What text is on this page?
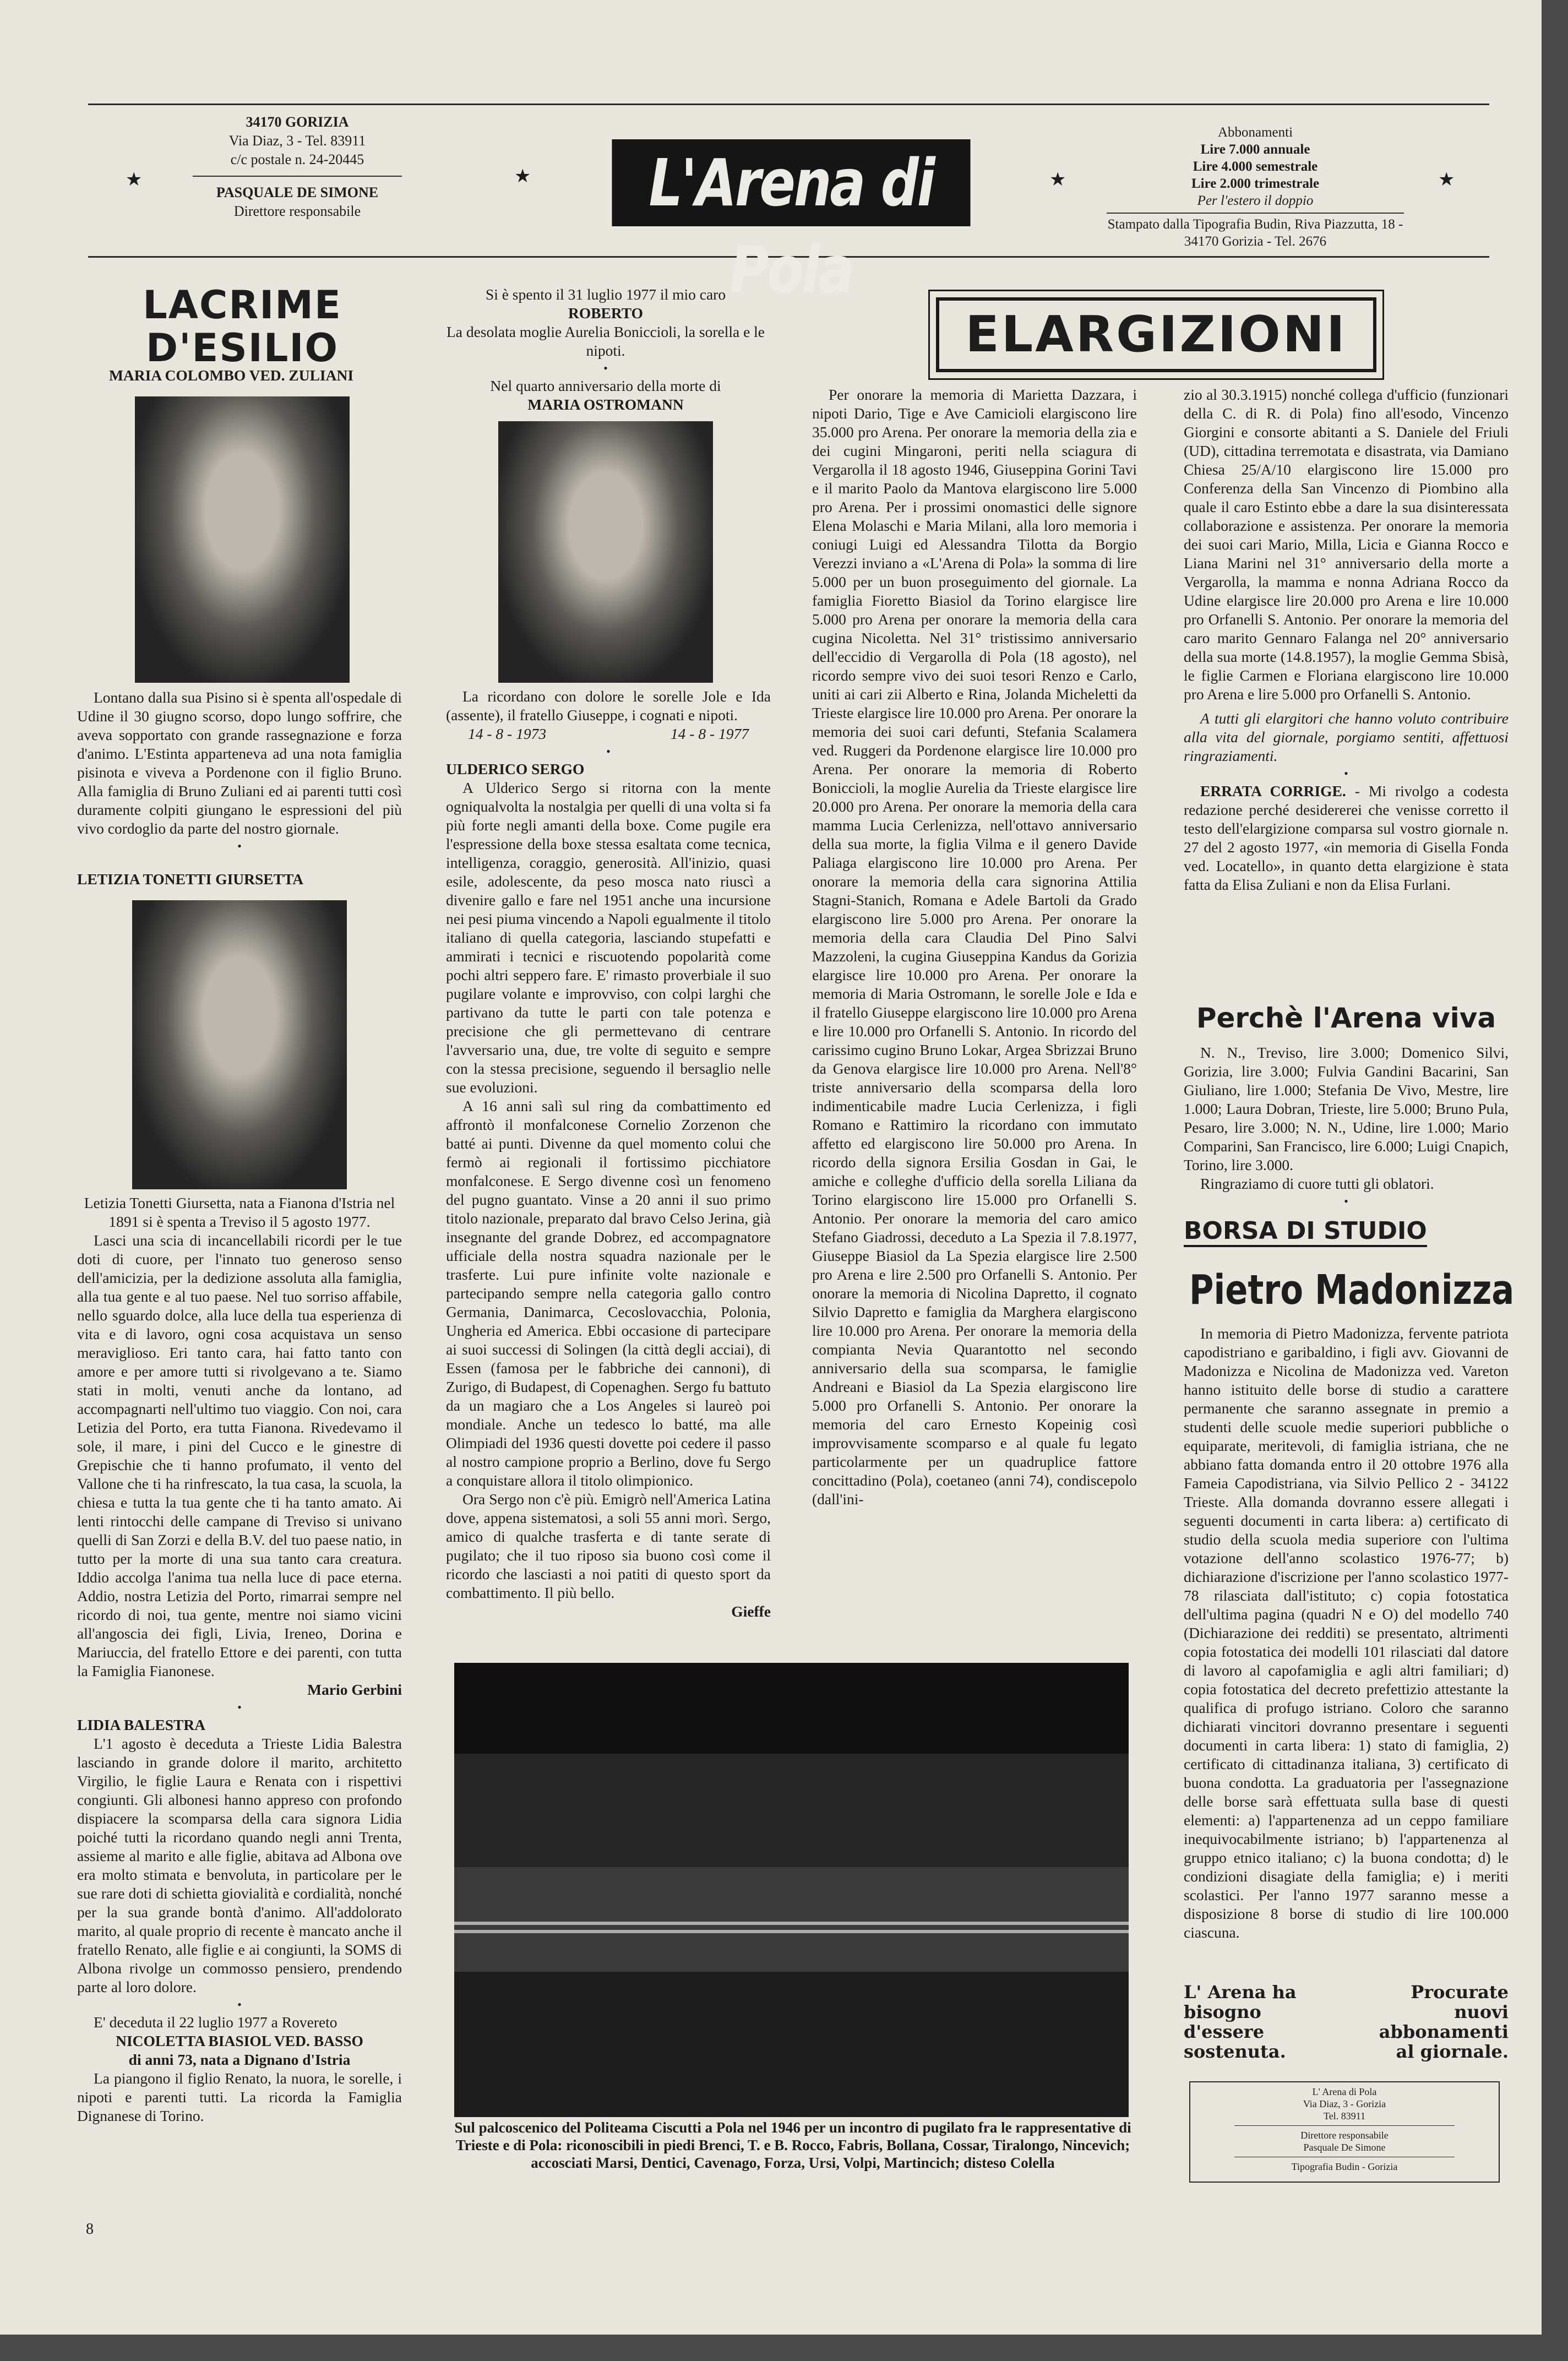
34170 GORIZIA
Via Diaz, 3 - Tel. 83911
c/c postale n. 24-20445
PASQUALE DE SIMONE
Direttore responsabile
★	★	★	★
L'Arena di Pola
Abbonamenti
Lire 7.000 annuale
Lire 4.000 semestrale
Lire 2.000 trimestrale
Per l'estero il doppio
Stampato dalla Tipografia Budin, Riva Piazzutta, 18 - 34170 Gorizia - Tel. 2676
LACRIME
D'ESILIO
MARIA COLOMBO VED. ZULIANI

Lontano dalla sua Pisino si è spenta all'ospedale di Udine il 30 giugno scorso, dopo lungo soffrire, che aveva sopportato con grande rassegnazione e forza d'animo. L'Estinta apparteneva ad una nota famiglia pisinota e viveva a Pordenone con il figlio Bruno. Alla famiglia di Bruno Zuliani ed ai parenti tutti così duramente colpiti giungano le espressioni del più vivo cordoglio da parte del nostro giornale.

•
LETIZIA TONETTI GIURSETTA

Letizia Tonetti Giursetta, nata a Fianona d'Istria nel 1891 si è spenta a Treviso il 5 agosto 1977.

Lasci una scia di incancellabili ricordi per le tue doti di cuore, per l'innato tuo generoso senso dell'amicizia, per la dedizione assoluta alla famiglia, alla tua gente e al tuo paese. Nel tuo sorriso affabile, nello sguardo dolce, alla luce della tua esperienza di vita e di lavoro, ogni cosa acquistava un senso meraviglioso. Eri tanto cara, hai fatto tanto con amore e per amore tutti si rivolgevano a te. Siamo stati in molti, venuti anche da lontano, ad accompagnarti nell'ultimo tuo viaggio. Con noi, cara Letizia del Porto, era tutta Fianona. Rivedevamo il sole, il mare, i pini del Cucco e le ginestre di Grepischie che ti hanno profumato, il vento del Vallone che ti ha rinfrescato, la tua casa, la scuola, la chiesa e tutta la tua gente che ti ha tanto amato. Ai lenti rintocchi delle campane di Treviso si univano quelli di San Zorzi e della B.V. del tuo paese natio, in tutto per la morte di una sua tanto cara creatura. Iddio accolga l'anima tua nella luce di pace eterna. Addio, nostra Letizia del Porto, rimarrai sempre nel ricordo di noi, tua gente, mentre noi siamo vicini all'angoscia dei figli, Livia, Ireneo, Dorina e Mariuccia, del fratello Ettore e dei parenti, con tutta la Famiglia Fianonese.

Mario Gerbini

•

LIDIA BALESTRA

L'1 agosto è deceduta a Trieste Lidia Balestra lasciando in grande dolore il marito, architetto Virgilio, le figlie Laura e Renata con i rispettivi congiunti. Gli albonesi hanno appreso con profondo dispiacere la scomparsa della cara signora Lidia poiché tutti la ricordano quando negli anni Trenta, assieme al marito e alle figlie, abitava ad Albona ove era molto stimata e benvoluta, in particolare per le sue rare doti di schietta giovialità e cordialità, nonché per la sua grande bontà d'animo. All'addolorato marito, al quale proprio di recente è mancato anche il fratello Renato, alle figlie e ai congiunti, la SOMS di Albona rivolge un commosso pensiero, prendendo parte al loro dolore.

•

E' deceduta il 22 luglio 1977 a Rovereto

NICOLETTA BIASIOL VED. BASSO

di anni 73, nata a Dignano d'Istria

La piangono il figlio Renato, la nuora, le sorelle, i nipoti e parenti tutti. La ricorda la Famiglia Dignanese di Torino.

8
Si è spento il 31 luglio 1977 il mio caro
ROBERTO
La desolata moglie Aurelia Boniccioli, la sorella e le nipoti.
•
Nel quarto anniversario della morte di
MARIA OSTROMANN

La ricordano con dolore le sorelle Jole e Ida (assente), il fratello Giuseppe, i cognati e nipoti.

14 - 8 - 1973	14 - 8 - 1977
•

ULDERICO SERGO

A Ulderico Sergo si ritorna con la mente ogniqualvolta la nostalgia per quelli di una volta si fa più forte negli amanti della boxe. Come pugile era l'espressione della boxe stessa esaltata come tecnica, intelligenza, coraggio, generosità. All'inizio, quasi esile, adolescente, da peso mosca nato riuscì a divenire gallo e fare nel 1951 anche una incursione nei pesi piuma vincendo a Napoli egualmente il titolo italiano di quella categoria, lasciando stupefatti e ammirati i tecnici e riscuotendo popolarità come pochi altri seppero fare. E' rimasto proverbiale il suo pugilare volante e improvviso, con colpi larghi che partivano da tutte le parti con tale potenza e precisione che gli permettevano di centrare l'avversario una, due, tre volte di seguito e sempre con la stessa precisione, seguendo il bersaglio nelle sue evoluzioni.

A 16 anni salì sul ring da combattimento ed affrontò il monfalconese Cornelio Zorzenon che batté ai punti. Divenne da quel momento colui che fermò ai regionali il fortissimo picchiatore monfalconese. E Sergo divenne così un fenomeno del pugno guantato. Vinse a 20 anni il suo primo titolo nazionale, preparato dal bravo Celso Jerina, già insegnante del grande Dobrez, ed accompagnatore ufficiale della nostra squadra nazionale per le trasferte. Lui pure infinite volte nazionale e partecipando sempre nella categoria gallo contro Germania, Danimarca, Cecoslovacchia, Polonia, Ungheria ed America. Ebbi occasione di partecipare ai suoi successi di Solingen (la città degli acciai), di Essen (famosa per le fabbriche dei cannoni), di Zurigo, di Budapest, di Copenaghen. Sergo fu battuto da un magiaro che a Los Angeles si laureò poi mondiale. Anche un tedesco lo batté, ma alle Olimpiadi del 1936 questi dovette poi cedere il passo al nostro campione proprio a Berlino, dove fu Sergo a conquistare allora il titolo olimpionico.

Ora Sergo non c'è più. Emigrò nell'America Latina dove, appena sistematosi, a soli 55 anni morì. Sergo, amico di qualche trasferta e di tante serate di pugilato; che il tuo riposo sia buono così come il ricordo che lasciasti a noi patiti di questo sport da combattimento. Il più bello.

Gieffe

ELARGIZIONI

Per onorare la memoria di Marietta Dazzara, i nipoti Dario, Tige e Ave Camicioli elargiscono lire 35.000 pro Arena. Per onorare la memoria della zia e dei cugini Mingaroni, periti nella sciagura di Vergarolla il 18 agosto 1946, Giuseppina Gorini Tavi e il marito Paolo da Mantova elargiscono lire 5.000 pro Arena. Per i prossimi onomastici delle signore Elena Molaschi e Maria Milani, alla loro memoria i coniugi Luigi ed Alessandra Tilotta da Borgio Verezzi inviano a «L'Arena di Pola» la somma di lire 5.000 per un buon proseguimento del giornale. La famiglia Fioretto Biasiol da Torino elargisce lire 5.000 pro Arena per onorare la memoria della cara cugina Nicoletta. Nel 31° tristissimo anniversario dell'eccidio di Vergarolla di Pola (18 agosto), nel ricordo sempre vivo dei suoi tesori Renzo e Carlo, uniti ai cari zii Alberto e Rina, Jolanda Micheletti da Trieste elargisce lire 10.000 pro Arena. Per onorare la memoria dei suoi cari defunti, Stefania Scalamera ved. Ruggeri da Pordenone elargisce lire 10.000 pro Arena. Per onorare la memoria di Roberto Boniccioli, la moglie Aurelia da Trieste elargisce lire 20.000 pro Arena. Per onorare la memoria della cara mamma Lucia Cerlenizza, nell'ottavo anniversario della sua morte, la figlia Vilma e il genero Davide Paliaga elargiscono lire 10.000 pro Arena. Per onorare la memoria della cara signorina Attilia Stagni-Stanich, Romana e Adele Bartoli da Grado elargiscono lire 5.000 pro Arena. Per onorare la memoria della cara Claudia Del Pino Salvi Mazzoleni, la cugina Giuseppina Kandus da Gorizia elargisce lire 10.000 pro Arena. Per onorare la memoria di Maria Ostromann, le sorelle Jole e Ida e il fratello Giuseppe elargiscono lire 10.000 pro Arena e lire 10.000 pro Orfanelli S. Antonio. In ricordo del carissimo cugino Bruno Lokar, Argea Sbrizzai Bruno da Genova elargisce lire 10.000 pro Arena. Nell'8° triste anniversario della scomparsa della loro indimenticabile madre Lucia Cerlenizza, i figli Romano e Rattimiro la ricordano con immutato affetto ed elargiscono lire 50.000 pro Arena. In ricordo della signora Ersilia Gosdan in Gai, le amiche e colleghe d'ufficio della sorella Liliana da Torino elargiscono lire 15.000 pro Orfanelli S. Antonio. Per onorare la memoria del caro amico Stefano Giadrossi, deceduto a La Spezia il 7.8.1977, Giuseppe Biasiol da La Spezia elargisce lire 2.500 pro Arena e lire 2.500 pro Orfanelli S. Antonio. Per onorare la memoria di Nicolina Dapretto, il cognato Silvio Dapretto e famiglia da Marghera elargiscono lire 10.000 pro Arena. Per onorare la memoria della compianta Nevia Quarantotto nel secondo anniversario della sua scomparsa, le famiglie Andreani e Biasiol da La Spezia elargiscono lire 5.000 pro Orfanelli S. Antonio. Per onorare la memoria del caro Ernesto Kopeinig così improvvisamente scomparso e al quale fu legato particolarmente per un quadruplice fattore concittadino (Pola), coetaneo (anni 74), condiscepolo (dall'ini-

zio al 30.3.1915) nonché collega d'ufficio (funzionari della C. di R. di Pola) fino all'esodo, Vincenzo Giorgini e consorte abitanti a S. Daniele del Friuli (UD), cittadina terremotata e disastrata, via Damiano Chiesa 25/A/10 elargiscono lire 15.000 pro Conferenza della San Vincenzo di Piombino alla quale il caro Estinto ebbe a dare la sua disinteressata collaborazione e assistenza. Per onorare la memoria dei suoi cari Mario, Milla, Licia e Gianna Rocco e Liana Marini nel 31° anniversario della morte a Vergarolla, la mamma e nonna Adriana Rocco da Udine elargisce lire 20.000 pro Arena e lire 10.000 pro Orfanelli S. Antonio. Per onorare la memoria del caro marito Gennaro Falanga nel 20° anniversario della sua morte (14.8.1957), la moglie Gemma Sbisà, le figlie Carmen e Floriana elargiscono lire 10.000 pro Arena e lire 5.000 pro Orfanelli S. Antonio.

A tutti gli elargitori che hanno voluto contribuire alla vita del giornale, porgiamo sentiti, affettuosi ringraziamenti.

•

ERRATA CORRIGE. - Mi rivolgo a codesta redazione perché desidererei che venisse corretto il testo dell'elargizione comparsa sul vostro giornale n. 27 del 2 agosto 1977, «in memoria di Gisella Fonda ved. Locatello», in quanto detta elargizione è stata fatta da Elisa Zuliani e non da Elisa Furlani.

Perchè l'Arena viva

N. N., Treviso, lire 3.000; Domenico Silvi, Gorizia, lire 3.000; Fulvia Gandini Bacarini, San Giuliano, lire 1.000; Stefania De Vivo, Mestre, lire 1.000; Laura Dobran, Trieste, lire 5.000; Bruno Pula, Pesaro, lire 3.000; N. N., Udine, lire 1.000; Mario Comparini, San Francisco, lire 6.000; Luigi Cnapich, Torino, lire 3.000.

Ringraziamo di cuore tutti gli oblatori.

•
BORSA DI STUDIO
Pietro Madonizza

In memoria di Pietro Madonizza, fervente patriota capodistriano e garibaldino, i figli avv. Giovanni de Madonizza e Nicolina de Madonizza ved. Vareton hanno istituito delle borse di studio a carattere permanente che saranno assegnate in premio a studenti delle scuole medie superiori pubbliche o equiparate, meritevoli, di famiglia istriana, che ne abbiano fatta domanda entro il 20 ottobre 1976 alla Fameia Capodistriana, via Silvio Pellico 2 - 34122 Trieste. Alla domanda dovranno essere allegati i seguenti documenti in carta libera: a) certificato di studio della scuola media superiore con l'ultima votazione dell'anno scolastico 1976-77; b) dichiarazione d'iscrizione per l'anno scolastico 1977-78 rilasciata dall'istituto; c) copia fotostatica dell'ultima pagina (quadri N e O) del modello 740 (Dichiarazione dei redditi) se presentato, altrimenti copia fotostatica dei modelli 101 rilasciati dal datore di lavoro al capofamiglia e agli altri familiari; d) copia fotostatica del decreto prefettizio attestante la qualifica di profugo istriano. Coloro che saranno dichiarati vincitori dovranno presentare i seguenti documenti in carta libera: 1) stato di famiglia, 2) certificato di cittadinanza italiana, 3) certificato di buona condotta. La graduatoria per l'assegnazione delle borse sarà effettuata sulla base di questi elementi: a) l'appartenenza ad un ceppo familiare inequivocabilmente istriano; b) l'appartenenza al gruppo etnico italiano; c) la buona condotta; d) le condizioni disagiate della famiglia; e) i meriti scolastici. Per l'anno 1977 saranno messe a disposizione 8 borse di studio di lire 100.000 ciascuna.

L' Arena ha bisogno d'essere sostenuta.
Procurate nuovi abbonamenti al giornale.
L' Arena di Pola
Via Diaz, 3 - Gorizia
Tel. 83911
Direttore responsabile
Pasquale De Simone
Tipografia Budin - Gorizia
Sul palcoscenico del Politeama Ciscutti a Pola nel 1946 per un incontro di pugilato fra le rappresentative di Trieste e di Pola: riconoscibili in piedi Brenci, T. e B. Rocco, Fabris, Bollana, Cossar, Tiralongo, Nincevich; accosciati Marsi, Dentici, Cavenago, Forza, Ursi, Volpi, Martincich; disteso Colella
